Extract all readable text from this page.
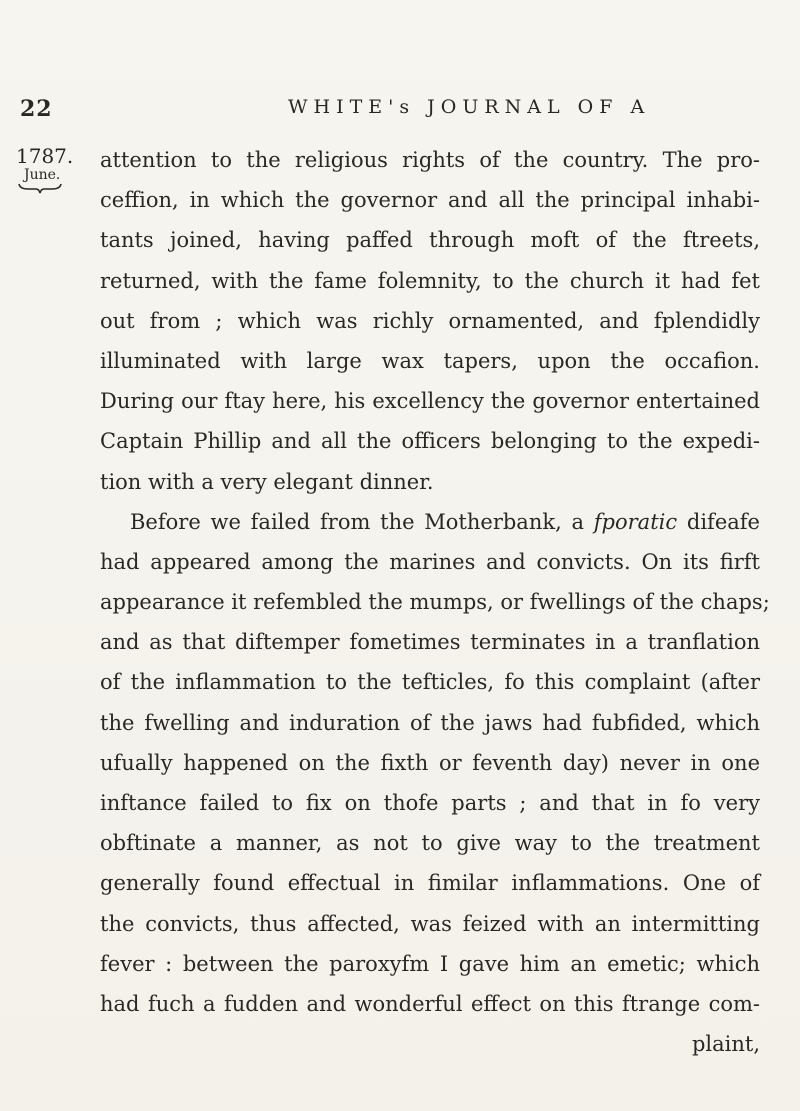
22	WHITE's JOURNAL OF A
1787.
June.
attention to the religious rights of the country. The pro-
ceffion, in which the governor and all the principal inhabi-
tants joined, having paffed through moft of the ftreets,
returned, with the fame folemnity, to the church it had fet
out from ; which was richly ornamented, and fplendidly
illuminated with large wax tapers, upon the occafion.
During our ftay here, his excellency the governor entertained
Captain Phillip and all the officers belonging to the expedi-
tion with a very elegant dinner.
Before we failed from the Motherbank, a fporatic difeafe
had appeared among the marines and convicts. On its firft
appearance it refembled the mumps, or fwellings of the chaps;
and as that diftemper fometimes terminates in a tranflation
of the inflammation to the tefticles, fo this complaint (after
the fwelling and induration of the jaws had fubfided, which
ufually happened on the fixth or feventh day) never in one
inftance failed to fix on thofe parts ; and that in fo very
obftinate a manner, as not to give way to the treatment
generally found effectual in fimilar inflammations. One of
the convicts, thus affected, was feized with an intermitting
fever : between the paroxyfm I gave him an emetic; which
had fuch a fudden and wonderful effect on this ftrange com-
plaint,
